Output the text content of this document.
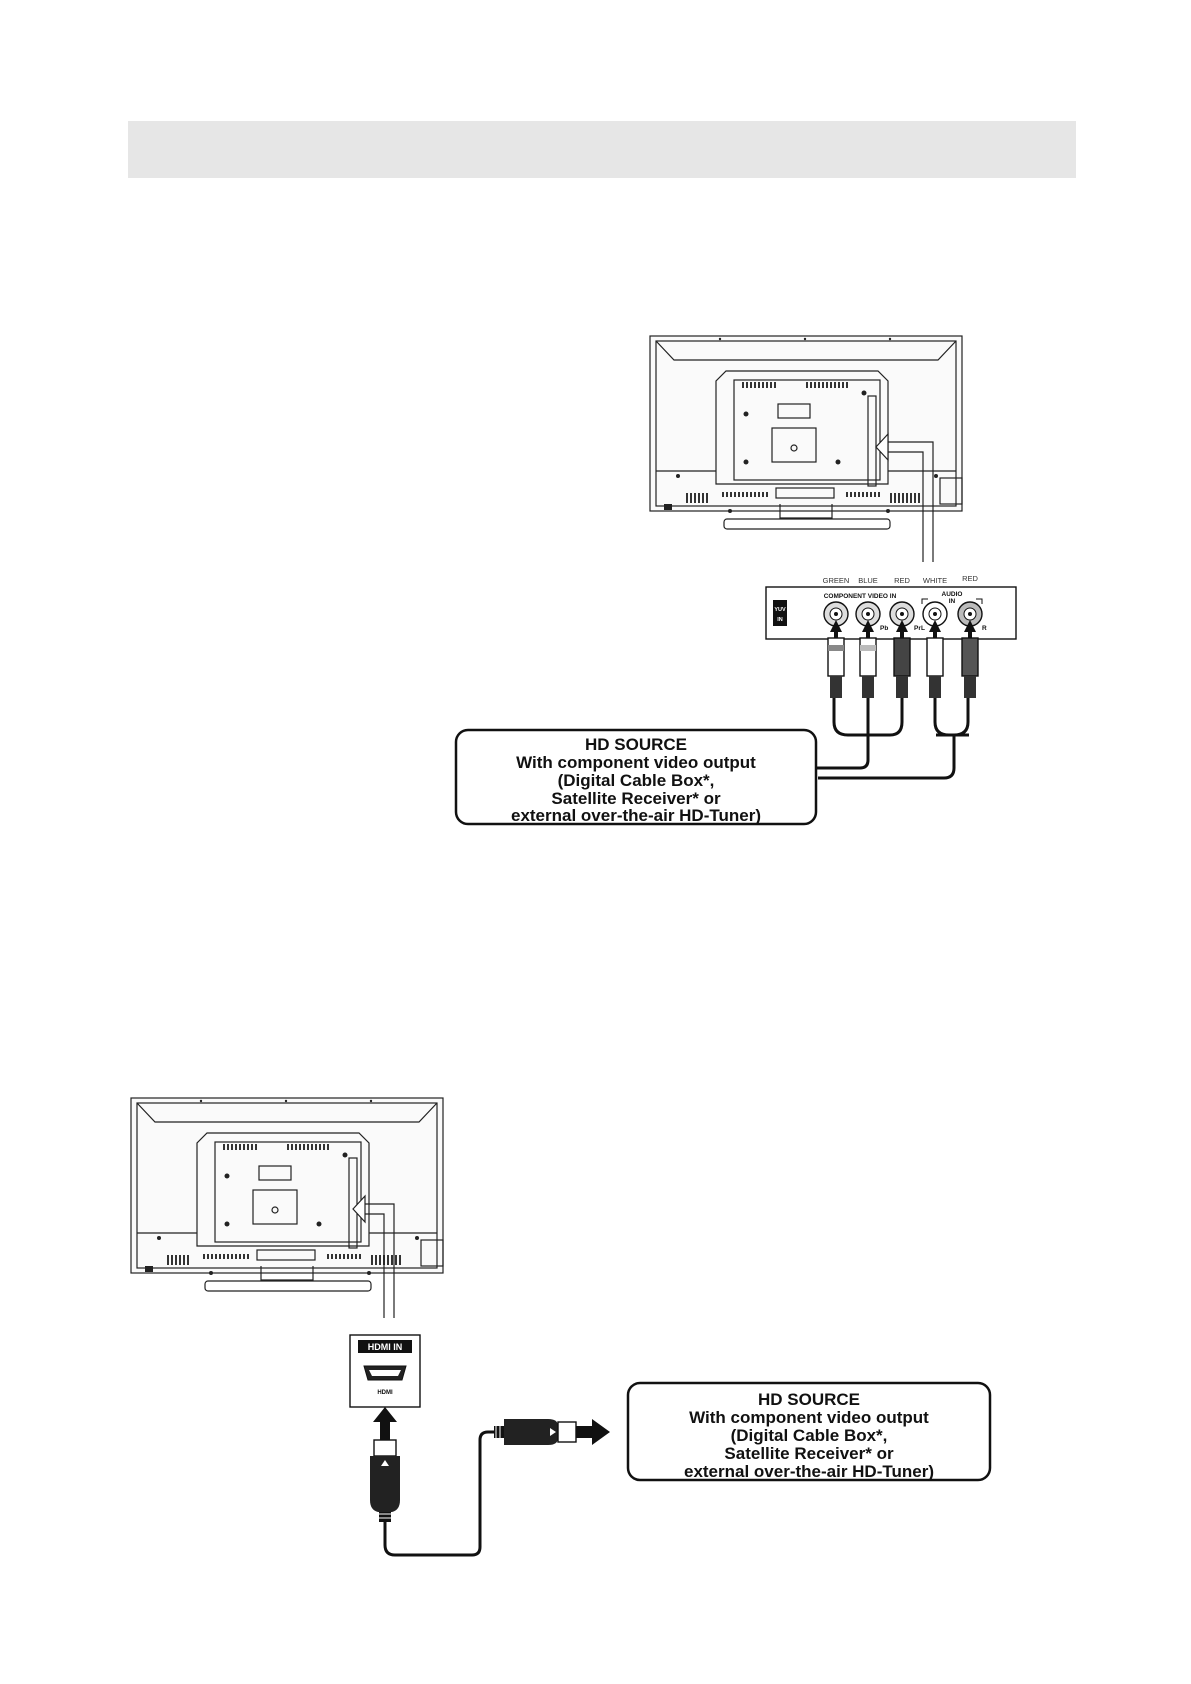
GREEN BLUE RED WHITE RED
YUV
IN
COMPONENT VIDEO IN	AUDIO
IN
Pb	Pr L	R
HD SOURCE
With component video output
(Digital Cable Box*,
Satellite Receiver* or
external over-the-air HD-Tuner)
HDMI IN
HDMI	HD SOURCE
With component video output
(Digital Cable Box*,
Satellite Receiver* or
external over-the-air HD-Tuner)
